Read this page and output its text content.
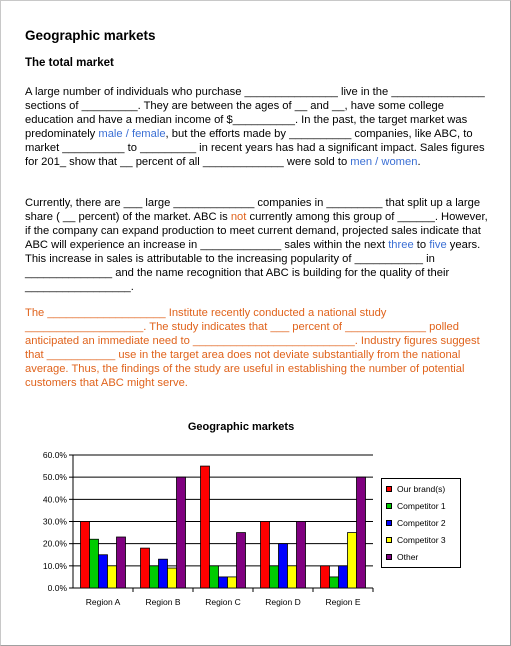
Geographic markets
The total market
A large number of individuals who purchase _______________ live in the _______________ sections of _________. They are between the ages of __ and __, have some college education and have a median income of $__________. In the past, the target market was predominately male / female, but the efforts made by __________ companies, like ABC, to market __________ to _________ in recent years has had a significant impact. Sales figures for 201_ show that __ percent of all _____________ were sold to men / women.
Currently, there are ___ large _____________ companies in _________ that split up a large share ( __ percent) of the market. ABC is not currently among this group of ______. However, if the company can expand production to meet current demand, projected sales indicate that ABC will experience an increase in _____________ sales within the next three to five years. This increase in sales is attributable to the increasing popularity of ___________ in ______________ and the name recognition that ABC is building for the quality of their _________________.
The ___________________ Institute recently conducted a national study ___________________. The study indicates that ___ percent of _____________ polled anticipated an immediate need to __________________________. Industry figures suggest that ___________ use in the target area does not deviate substantially from the national average. Thus, the findings of the study are useful in establishing the number of potential customers that ABC might serve.
Geographic markets
0.0%
10.0%
20.0%
30.0%
40.0%
50.0%
60.0%
Region A	Region B	Region C	Region D	Region E
Our brand(s)
Competitor 1
Competitor 2
Competitor 3
Other
